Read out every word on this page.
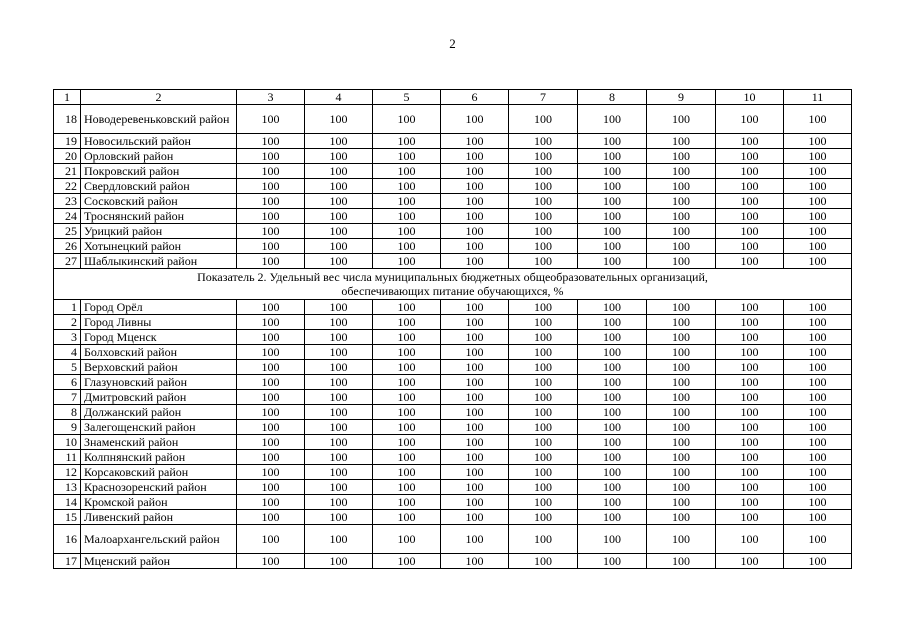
2
1	2	3	4	5	6	7	8	9	10	11
18	Новодеревеньковский район	100	100	100	100	100	100	100	100	100
19	Новосильский район	100	100	100	100	100	100	100	100	100
20	Орловский район	100	100	100	100	100	100	100	100	100
21	Покровский район	100	100	100	100	100	100	100	100	100
22	Свердловский район	100	100	100	100	100	100	100	100	100
23	Сосковский район	100	100	100	100	100	100	100	100	100
24	Троснянский район	100	100	100	100	100	100	100	100	100
25	Урицкий район	100	100	100	100	100	100	100	100	100
26	Хотынецкий район	100	100	100	100	100	100	100	100	100
27	Шаблыкинский район	100	100	100	100	100	100	100	100	100

Показатель 2. Удельный вес числа муниципальных бюджетных общеобразовательных организаций,
обеспечивающих питание обучающихся, %										

1	Город Орёл	100	100	100	100	100	100	100	100	100
2	Город Ливны	100	100	100	100	100	100	100	100	100
3	Город Мценск	100	100	100	100	100	100	100	100	100
4	Болховский район	100	100	100	100	100	100	100	100	100
5	Верховский район	100	100	100	100	100	100	100	100	100
6	Глазуновский район	100	100	100	100	100	100	100	100	100
7	Дмитровский район	100	100	100	100	100	100	100	100	100
8	Должанский район	100	100	100	100	100	100	100	100	100
9	Залегощенский район	100	100	100	100	100	100	100	100	100
10	Знаменский район	100	100	100	100	100	100	100	100	100
11	Колпнянский район	100	100	100	100	100	100	100	100	100
12	Корсаковский район	100	100	100	100	100	100	100	100	100
13	Краснозоренский район	100	100	100	100	100	100	100	100	100
14	Кромской район	100	100	100	100	100	100	100	100	100
15	Ливенский район	100	100	100	100	100	100	100	100	100
16	Малоархангельский район	100	100	100	100	100	100	100	100	100
17	Мценский район	100	100	100	100	100	100	100	100	100
